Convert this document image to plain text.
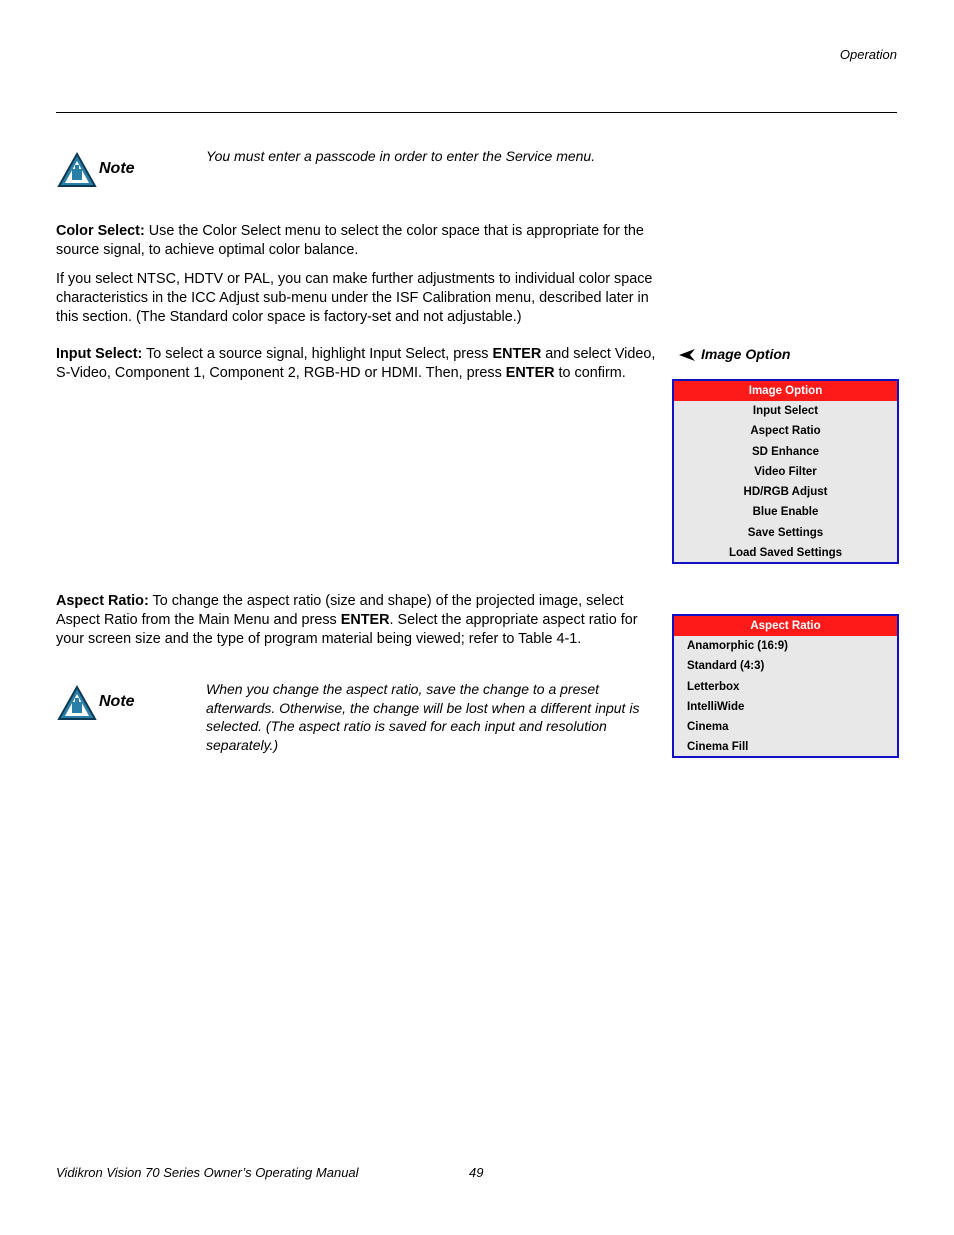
Operation
Note
You must enter a passcode in order to enter the Service menu.
Color Select: Use the Color Select menu to select the color space that is appropriate for the
source signal, to achieve optimal color balance.
If you select NTSC, HDTV or PAL, you can make further adjustments to individual color space
characteristics in the ICC Adjust sub-menu under the ISF Calibration menu, described later in
this section. (The Standard color space is factory-set and not adjustable.)
Input Select: To select a source signal, highlight Input Select, press ENTER and select Video,
S-Video, Component 1, Component 2, RGB-HD or HDMI. Then, press ENTER to confirm.
Image Option
Image Option
Input Select
Aspect Ratio
SD Enhance
Video Filter
HD/RGB Adjust
Blue Enable
Save Settings
Load Saved Settings
Aspect Ratio: To change the aspect ratio (size and shape) of the projected image, select
Aspect Ratio from the Main Menu and press ENTER. Select the appropriate aspect ratio for
your screen size and the type of program material being viewed; refer to Table 4-1.
Aspect Ratio
Anamorphic (16:9)
Standard (4:3)
Letterbox
IntelliWide
Cinema
Cinema Fill
Note
When you change the aspect ratio, save the change to a preset
afterwards. Otherwise, the change will be lost when a different input is
selected. (The aspect ratio is saved for each input and resolution
separately.)
Vidikron Vision 70 Series Owner’s Operating Manual	49
